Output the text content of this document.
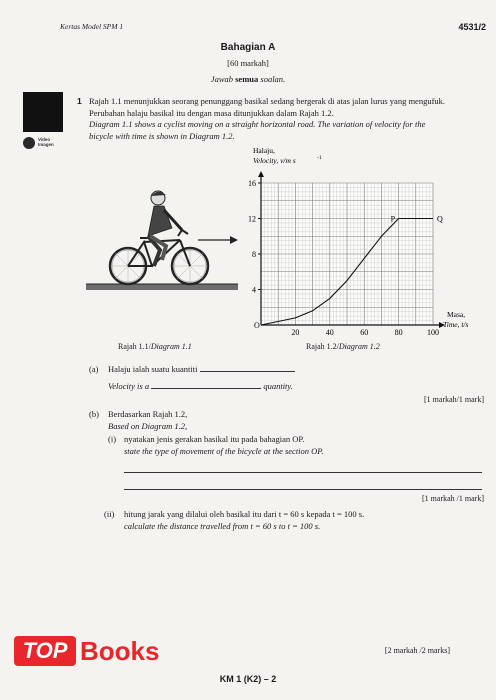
Kertas Model SPM 1	4531/2
Bahagian A
[60 markah]
Jawab semua soalan.
Video
Imagen
1 Rajah 1.1 menunjukkan seorang penunggang basikal sedang bergerak di atas jalan lurus yang mengufuk.
Perubahan halaju basikal itu dengan masa ditunjukkan dalam Rajah 1.2.
Diagram 1.1 shows a cyclist moving on a straight horizontal road. The variation of velocity for the
bicycle with time is shown in Diagram 1.2.
Rajah 1.1/Diagram 1.1
20	40	60	80	100
4
8
12
16
O
Halaju,
Velocity, v/m s	-1
Masa,
Time, t/s
P	Q
Rajah 1.2/Diagram 1.2
(a) Halaju ialah suatu kuantiti
Velocity is a	quantity.
[1 markah/1 mark]
(b) Berdasarkan Rajah 1.2,
Based on Diagram 1.2,
(i) nyatakan jenis gerakan basikal itu pada bahagian OP.
state the type of movement of the bicycle at the section OP.
[1 markah /1 mark]
(ii) hitung jarak yang dilalui oleh basikal itu dari t = 60 s kepada t = 100 s.
calculate the distance travelled from t = 60 s to t = 100 s.
[2 markah /2 marks]
TOP Books
KM 1 (K2) – 2
